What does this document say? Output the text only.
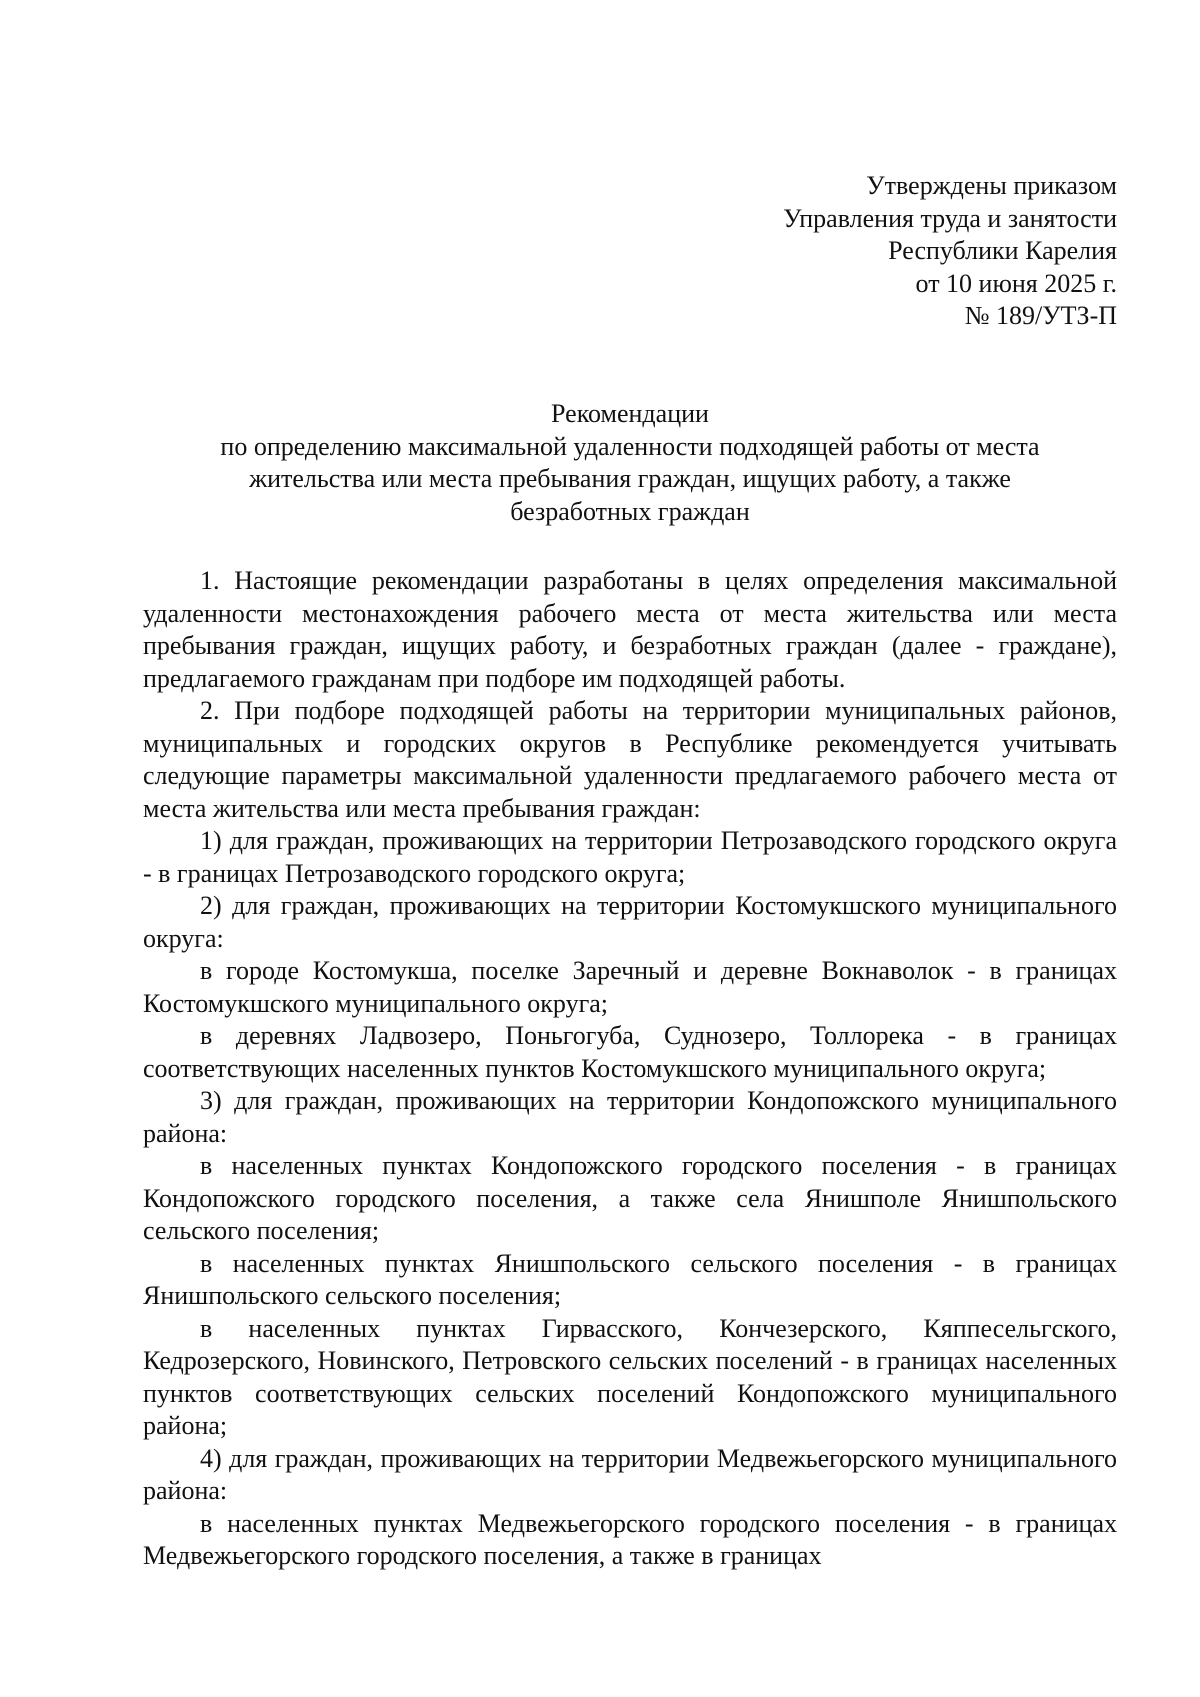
Утверждены приказом
Управления труда и занятости
Республики Карелия
от 10 июня 2025 г.
№ 189/УТЗ-П
Рекомендации
по определению максимальной удаленности подходящей работы от места
жительства или места пребывания граждан, ищущих работу, а также
безработных граждан

1. Настоящие рекомендации разработаны в целях определения максимальной удаленности местонахождения рабочего места от места жительства или места пребывания граждан, ищущих работу, и безработных граждан (далее - граждане), предлагаемого гражданам при подборе им подходящей работы.

2. При подборе подходящей работы на территории муниципальных районов, муниципальных и городских округов в Республике рекомендуется учитывать следующие параметры максимальной удаленности предлагаемого рабочего места от места жительства или места пребывания граждан:

1) для граждан, проживающих на территории Петрозаводского городского округа - в границах Петрозаводского городского округа;

2) для граждан, проживающих на территории Костомукшского муниципального округа:

в городе Костомукша, поселке Заречный и деревне Вокнаволок - в границах Костомукшского муниципального округа;

в деревнях Ладвозеро, Поньгогуба, Суднозеро, Толлорека - в границах соответствующих населенных пунктов Костомукшского муниципального округа;

3) для граждан, проживающих на территории Кондопожского муниципального района:

в населенных пунктах Кондопожского городского поселения - в границах Кондопожского городского поселения, а также села Янишполе Янишпольского сельского поселения;

в населенных пунктах Янишпольского сельского поселения - в границах Янишпольского сельского поселения;

в населенных пунктах Гирвасского, Кончезерского, Кяппесельгского, Кедрозерского, Новинского, Петровского сельских поселений - в границах населенных пунктов соответствующих сельских поселений Кондопожского муниципального района;

4) для граждан, проживающих на территории Медвежьегорского муниципального района:

в населенных пунктах Медвежьегорского городского поселения - в границах Медвежьегорского городского поселения, а также в границах
